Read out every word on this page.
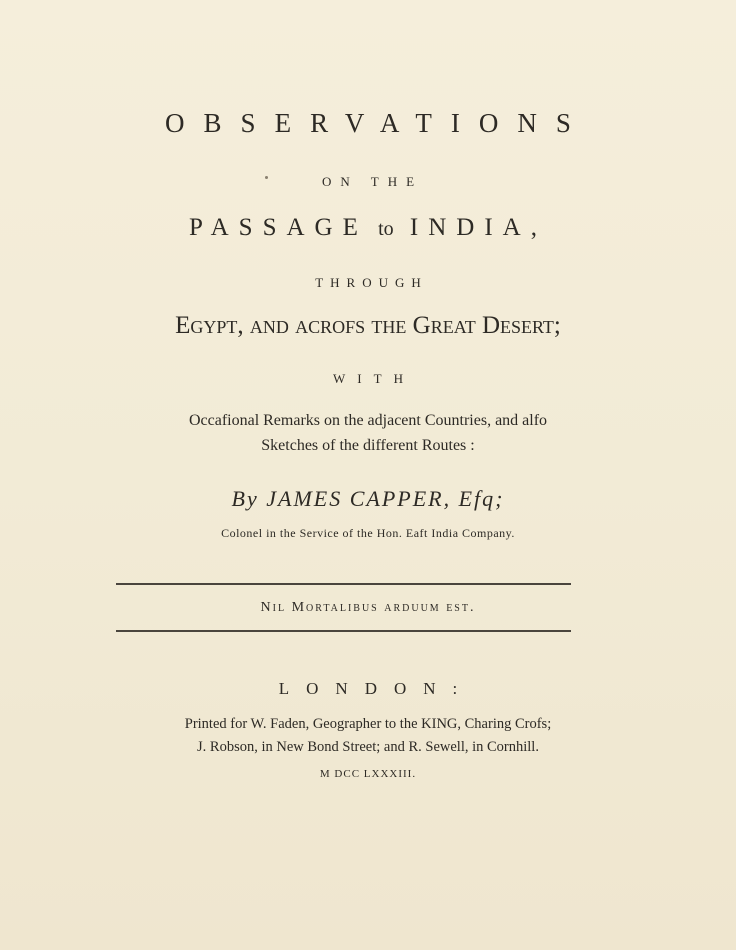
OBSERVATIONS
ON THE
PASSAGE to INDIA,
THROUGH
Egypt, and acrofs the Great Desert;
WITH
Occafional Remarks on the adjacent Countries, and alfo
Sketches of the different Routes :
By JAMES CAPPER, Efq;
Colonel in the Service of the Hon. Eaft India Company.
Nil Mortalibus arduum est.
LONDON:
Printed for W. Faden, Geographer to the KING, Charing Crofs;
J. Robson, in New Bond Street; and R. Sewell, in Cornhill.
M DCC LXXXIII.
